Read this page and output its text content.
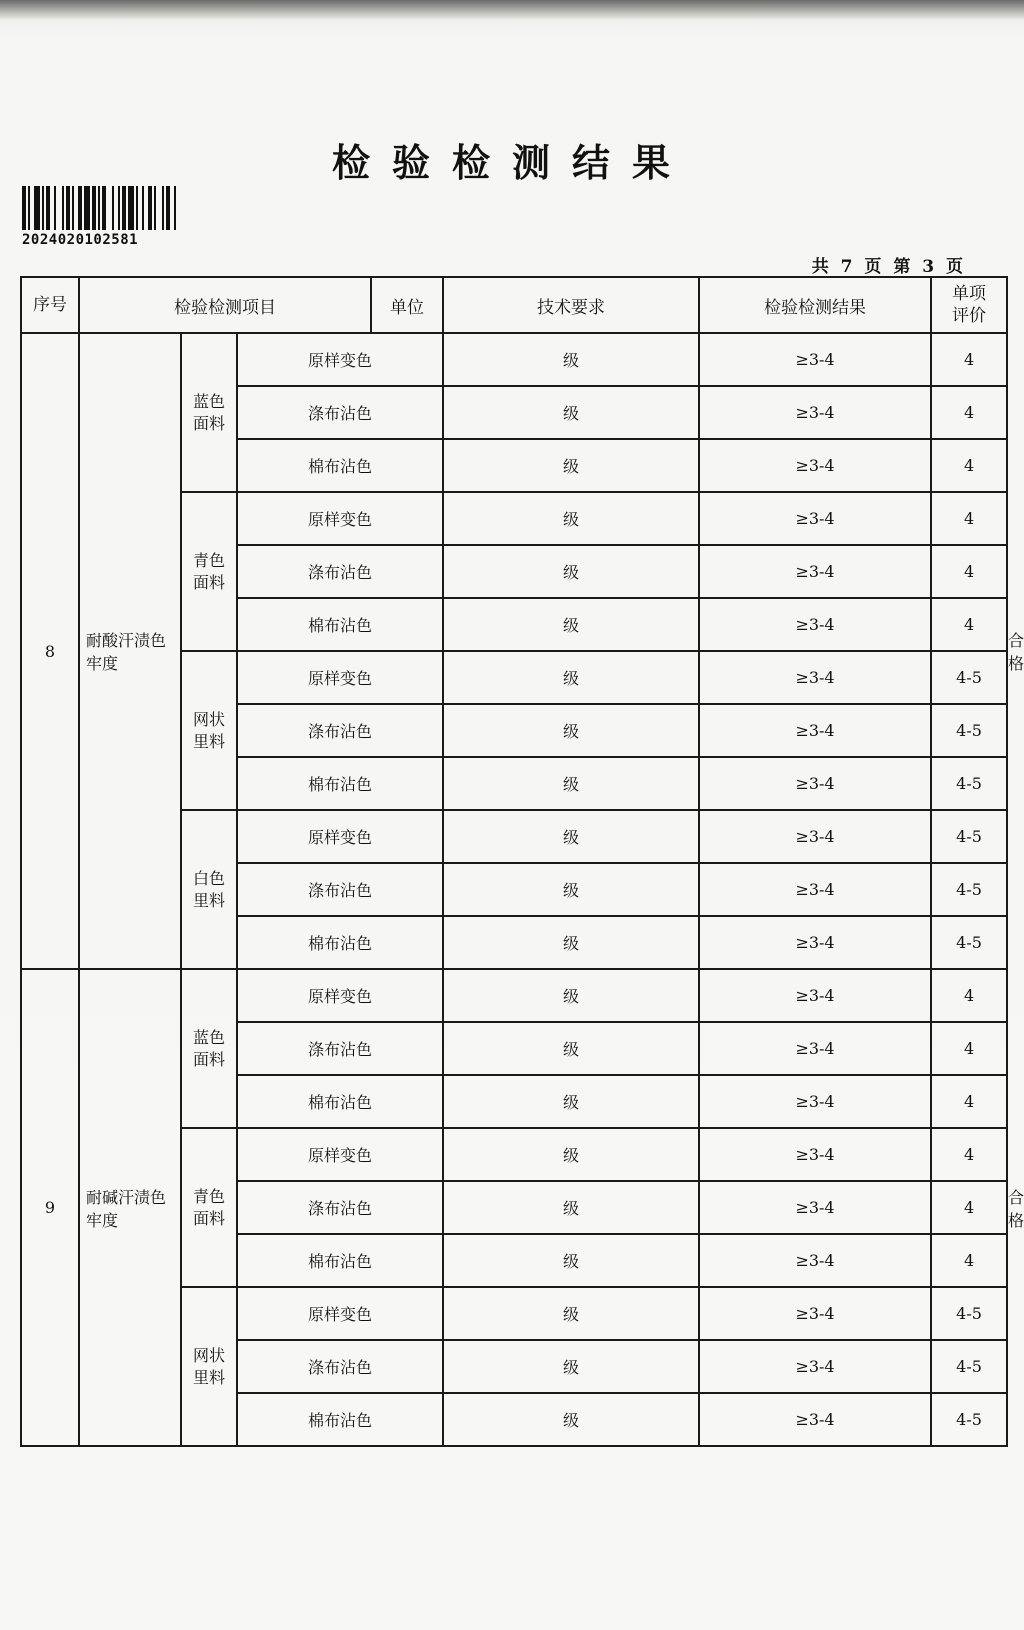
检验检测结果
2024020102581
共 7 页 第 3 页
序号	检验检测项目			单位	技术要求	检验检测结果	单项评价	
8	耐酸汗渍色牢度	蓝色面料	原样变色		级	≥3-4	4	合格
			涤布沾色		级	≥3-4	4	
			棉布沾色		级	≥3-4	4	
		青色面料	原样变色		级	≥3-4	4	
			涤布沾色		级	≥3-4	4	
			棉布沾色		级	≥3-4	4	
		网状里料	原样变色		级	≥3-4	4-5	
			涤布沾色		级	≥3-4	4-5	
			棉布沾色		级	≥3-4	4-5	
		白色里料	原样变色		级	≥3-4	4-5	
			涤布沾色		级	≥3-4	4-5	
			棉布沾色		级	≥3-4	4-5	
9	耐碱汗渍色牢度	蓝色面料	原样变色		级	≥3-4	4	合格
			涤布沾色		级	≥3-4	4	
			棉布沾色		级	≥3-4	4	
		青色面料	原样变色		级	≥3-4	4	
			涤布沾色		级	≥3-4	4	
			棉布沾色		级	≥3-4	4	
		网状里料	原样变色		级	≥3-4	4-5	
			涤布沾色		级	≥3-4	4-5	
			棉布沾色		级	≥3-4	4-5	
